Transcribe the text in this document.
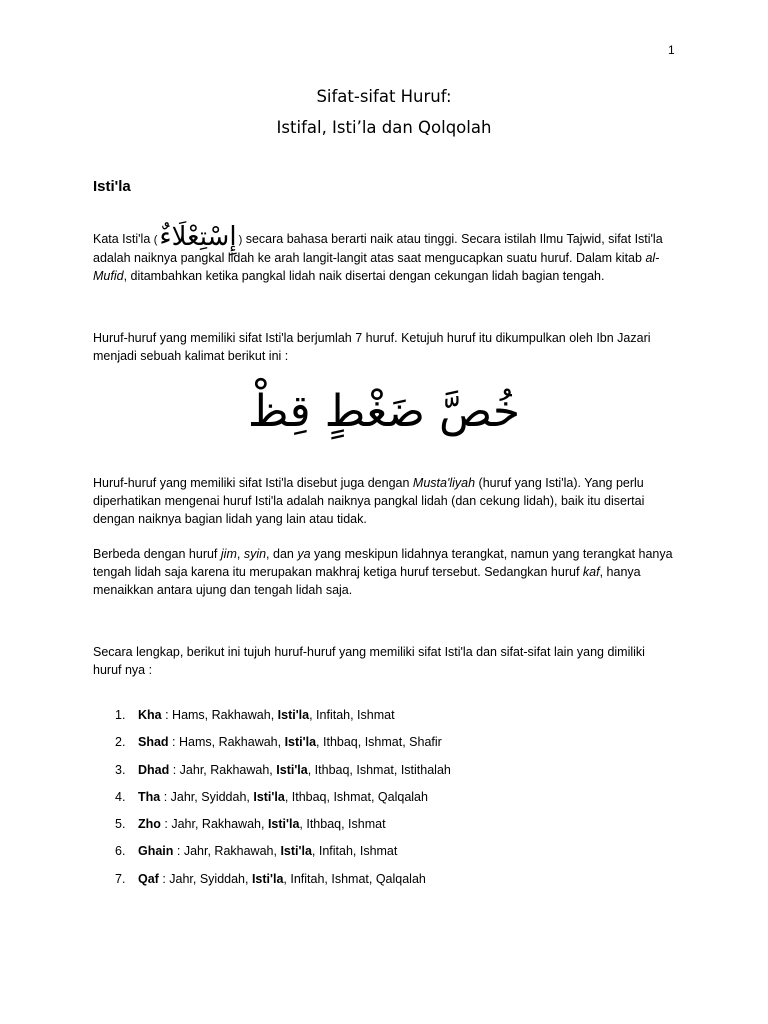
1
Sifat-sifat Huruf:
Istifal, Isti’la dan Qolqolah
Isti'la
Kata Isti'la (إِسْتِعْلَاءٌ ) secara bahasa berarti naik atau tinggi. Secara istilah Ilmu Tajwid, sifat Isti'la adalah naiknya pangkal lidah ke arah langit-langit atas saat mengucapkan suatu huruf. Dalam kitab al-Mufid, ditambahkan ketika pangkal lidah naik disertai dengan cekungan lidah bagian tengah.
Huruf-huruf yang memiliki sifat Isti'la berjumlah 7 huruf. Ketujuh huruf itu dikumpulkan oleh Ibn Jazari menjadi sebuah kalimat berikut ini :
خُصَّ ضَغْطٍ قِظْ
Huruf-huruf yang memiliki sifat Isti'la disebut juga dengan Musta'liyah (huruf yang Isti'la). Yang perlu diperhatikan mengenai huruf Isti'la adalah naiknya pangkal lidah (dan cekung lidah), baik itu disertai dengan naiknya bagian lidah yang lain atau tidak.
Berbeda dengan huruf jim, syin, dan ya yang meskipun lidahnya terangkat, namun yang terangkat hanya tengah lidah saja karena itu merupakan makhraj ketiga huruf tersebut. Sedangkan huruf kaf, hanya menaikkan antara ujung dan tengah lidah saja.
Secara lengkap, berikut ini tujuh huruf-huruf yang memiliki sifat Isti'la dan sifat-sifat lain yang dimiliki huruf nya :
1. Kha : Hams, Rakhawah, Isti'la, Infitah, Ishmat
2. Shad : Hams, Rakhawah, Isti'la, Ithbaq, Ishmat, Shafir
3. Dhad : Jahr, Rakhawah, Isti'la, Ithbaq, Ishmat, Istithalah
4. Tha : Jahr, Syiddah, Isti'la, Ithbaq, Ishmat, Qalqalah
5. Zho : Jahr, Rakhawah, Isti'la, Ithbaq, Ishmat
6. Ghain : Jahr, Rakhawah, Isti'la, Infitah, Ishmat
7. Qaf : Jahr, Syiddah, Isti'la, Infitah, Ishmat, Qalqalah
